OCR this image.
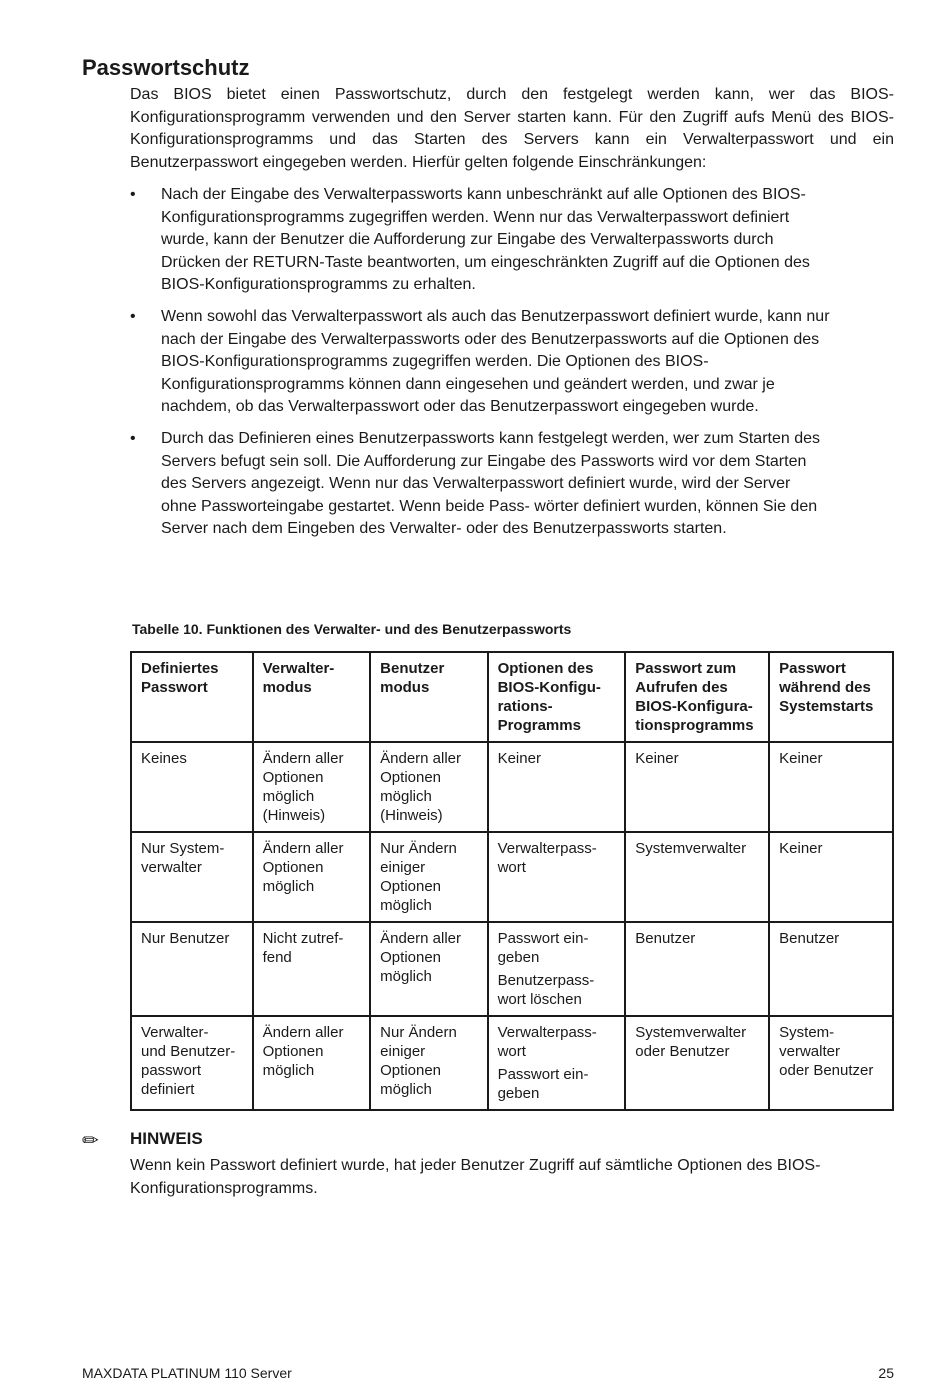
Passwortschutz

Das BIOS bietet einen Passwortschutz, durch den festgelegt werden kann, wer das BIOS- Konfigurationsprogramm verwenden und den Server starten kann. Für den Zugriff aufs Menü des BIOS-Konfigurationsprogramms und das Starten des Servers kann ein Verwalterpasswort und ein Benutzerpasswort eingegeben werden. Hierfür gelten folgende Einschränkungen:

• Nach der Eingabe des Verwalterpassworts kann unbeschränkt auf alle Optionen des BIOS- Konfigurationsprogramms zugegriffen werden. Wenn nur das Verwalterpasswort definiert wurde, kann der Benutzer die Aufforderung zur Eingabe des Verwalterpassworts durch Drücken der RETURN-Taste beantworten, um eingeschränkten Zugriff auf die Optionen des BIOS-Konfigurationsprogramms zu erhalten.
• Wenn sowohl das Verwalterpasswort als auch das Benutzerpasswort definiert wurde, kann nur nach der Eingabe des Verwalterpassworts oder des Benutzerpassworts auf die Optionen des BIOS-Konfigurationsprogramms zugegriffen werden. Die Optionen des BIOS- Konfigurationsprogramms können dann eingesehen und geändert werden, und zwar je nachdem, ob das Verwalterpasswort oder das Benutzerpasswort eingegeben wurde.
• Durch das Definieren eines Benutzerpassworts kann festgelegt werden, wer zum Starten des Servers befugt sein soll. Die Aufforderung zur Eingabe des Passworts wird vor dem Starten des Servers angezeigt. Wenn nur das Verwalterpasswort definiert wurde, wird der Server ohne Passworteingabe gestartet. Wenn beide Pass- wörter definiert wurden, können Sie den Server nach dem Eingeben des Verwalter- oder des Benutzerpassworts starten.

Tabelle 10. Funktionen des Verwalter- und des Benutzerpassworts

Definiertes
Passwort	Verwalter-
modus	Benutzer
modus	Optionen des
BIOS-Konfigu-
rations-
Programms	Passwort zum
Aufrufen des
BIOS-Konfigura-
tionsprogramms	Passwort
während des
Systemstarts

Keines	Ändern aller
Optionen
möglich
(Hinweis)	Ändern aller
Optionen
möglich
(Hinweis)	Keiner	Keiner	Keiner

Nur System-
verwalter	Ändern aller
Optionen
möglich	Nur Ändern
einiger
Optionen
möglich	Verwalterpass-
wort	Systemverwalter	Keiner

Nur Benutzer	Nicht zutref-
fend	Ändern aller
Optionen
möglich	Passwort ein-
geben
Benutzerpass-
wort löschen	Benutzer	Benutzer

Verwalter-
und Benutzer-
passwort
definiert	Ändern aller
Optionen
möglich	Nur Ändern
einiger
Optionen
möglich	Verwalterpass-
wort
Passwort ein-
geben	Systemverwalter
oder Benutzer	System-
verwalter
oder Benutzer
✏ HINWEIS

Wenn kein Passwort definiert wurde, hat jeder Benutzer Zugriff auf sämtliche Optionen des BIOS- Konfigurationsprogramms.

MAXDATA PLATINUM 110 Server	25
